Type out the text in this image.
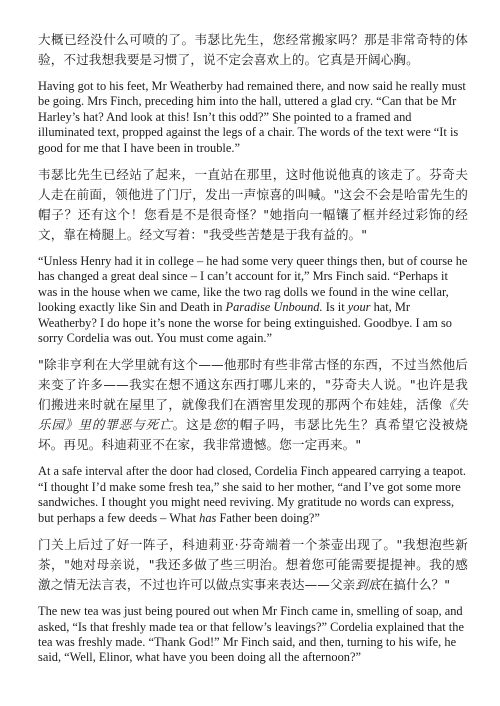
大概已经没什么可喷的了。韦瑟比先生，您经常搬家吗？那是非常奇特的体验，不过我想我要是习惯了，说不定会喜欢上的。它真是开阔心胸。

Having got to his feet, Mr Weatherby had remained there, and now said he really must be going. Mrs Finch, preceding him into the hall, uttered a glad cry. “Can that be Mr Harley’s hat? And look at this! Isn’t this odd?” She pointed to a framed and illuminated text, propped against the legs of a chair. The words of the text were “It is good for me that I have been in trouble.”

韦瑟比先生已经站了起来，一直站在那里，这时他说他真的该走了。芬奇夫人走在前面，领他进了门厅，发出一声惊喜的叫喊。"这会不会是哈雷先生的帽子？还有这个！您看是不是很奇怪？"她指向一幅镶了框并经过彩饰的经文，靠在椅腿上。经文写着："我受些苦楚是于我有益的。"

“Unless Henry had it in college – he had some very queer things then, but of course he has changed a great deal since – I can’t account for it,” Mrs Finch said. “Perhaps it was in the house when we came, like the two rag dolls we found in the wine cellar, looking exactly like Sin and Death in Paradise Unbound. Is it your hat, Mr Weatherby? I do hope it’s none the worse for being extinguished. Goodbye. I am so sorry Cordelia was out. You must come again.”

"除非亨利在大学里就有这个——他那时有些非常古怪的东西，不过当然他后来变了许多——我实在想不通这东西打哪儿来的，"芬奇夫人说。"也许是我们搬进来时就在屋里了，就像我们在酒窖里发现的那两个布娃娃，活像《失乐园》里的罪恶与死亡。这是您的帽子吗，韦瑟比先生？真希望它没被烧坏。再见。科迪莉亚不在家，我非常遗憾。您一定再来。"

At a safe interval after the door had closed, Cordelia Finch appeared carrying a teapot. “I thought I’d make some fresh tea,” she said to her mother, “and I’ve got some more sandwiches. I thought you might need reviving. My gratitude no words can express, but perhaps a few deeds – What has Father been doing?”

门关上后过了好一阵子，科迪莉亚·芬奇端着一个茶壶出现了。"我想泡些新茶，"她对母亲说，"我还多做了些三明治。想着您可能需要提提神。我的感激之情无法言表，不过也许可以做点实事来表达——父亲到底在搞什么？"

The new tea was just being poured out when Mr Finch came in, smelling of soap, and asked, “Is that freshly made tea or that fellow’s leavings?” Cordelia explained that the tea was freshly made. “Thank God!” Mr Finch said, and then, turning to his wife, he said, “Well, Elinor, what have you been doing all the afternoon?”
